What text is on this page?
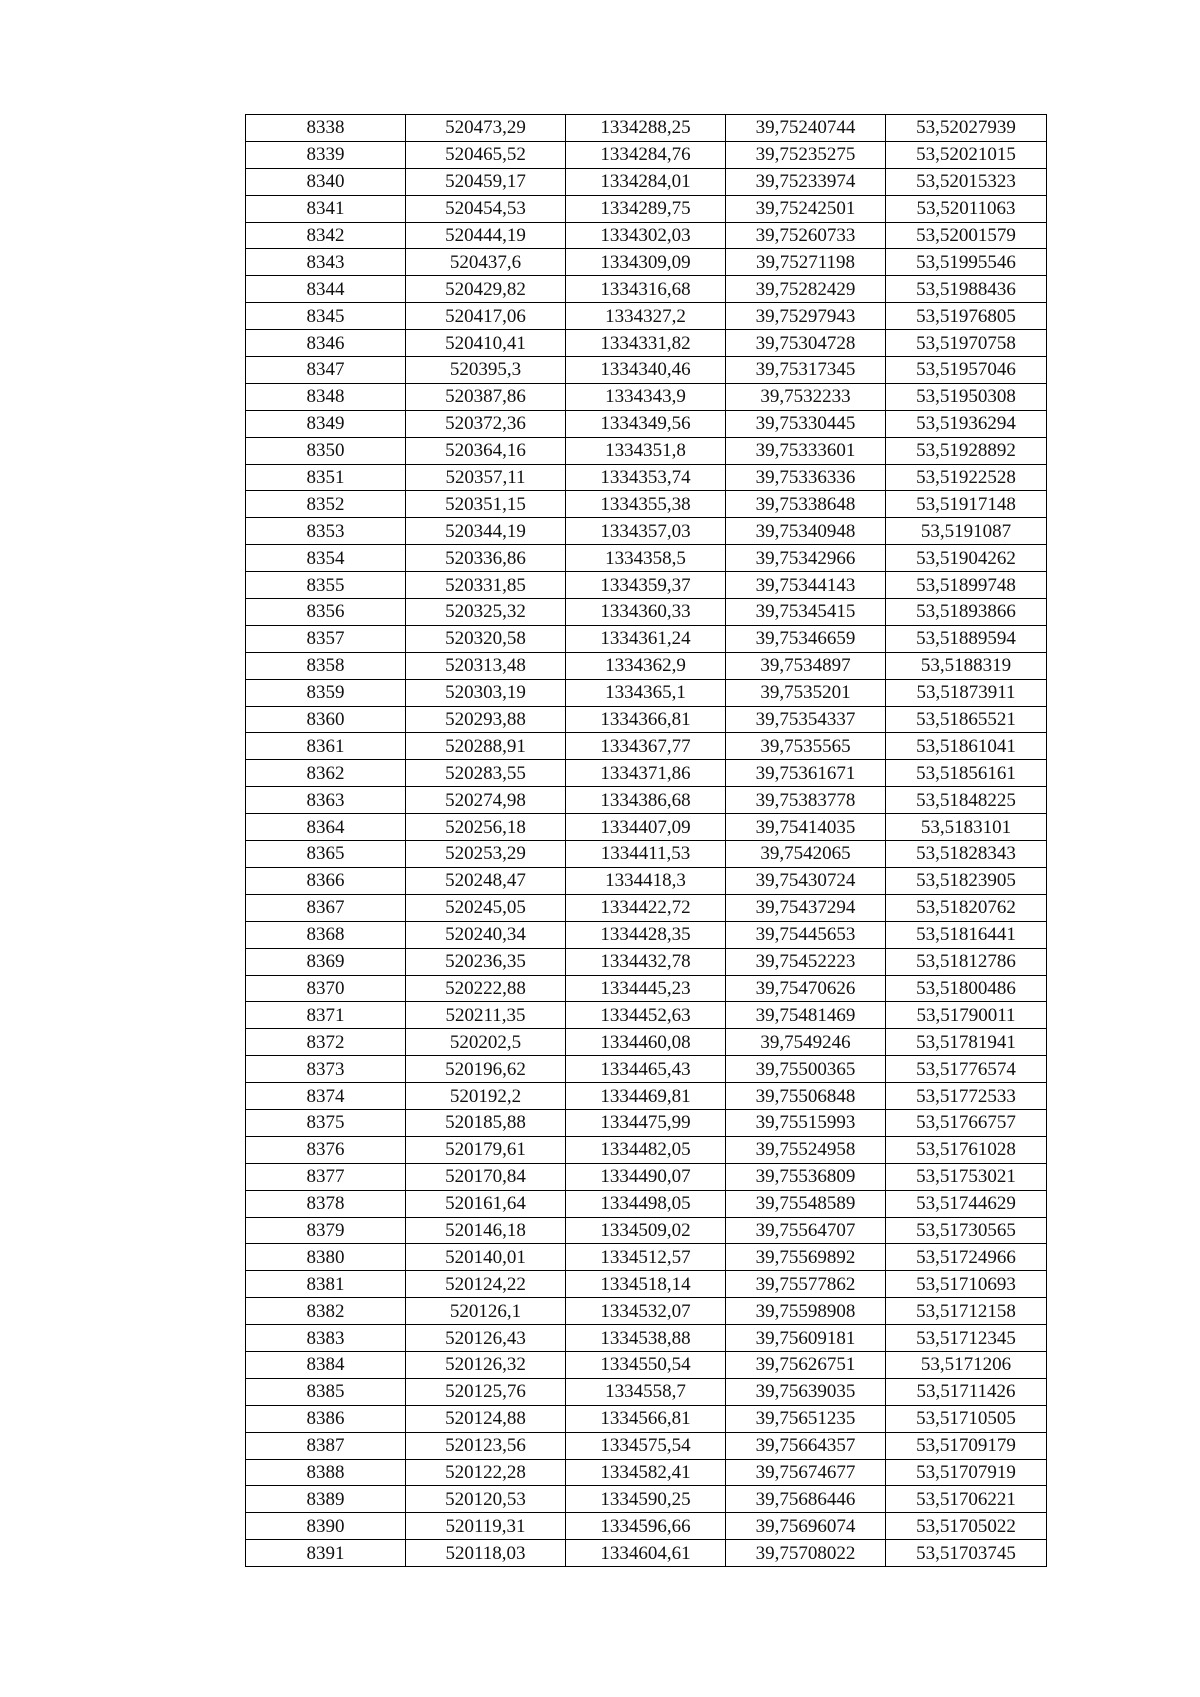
8338	520473,29	1334288,25	39,75240744	53,52027939
8339	520465,52	1334284,76	39,75235275	53,52021015
8340	520459,17	1334284,01	39,75233974	53,52015323
8341	520454,53	1334289,75	39,75242501	53,52011063
8342	520444,19	1334302,03	39,75260733	53,52001579
8343	520437,6	1334309,09	39,75271198	53,51995546
8344	520429,82	1334316,68	39,75282429	53,51988436
8345	520417,06	1334327,2	39,75297943	53,51976805
8346	520410,41	1334331,82	39,75304728	53,51970758
8347	520395,3	1334340,46	39,75317345	53,51957046
8348	520387,86	1334343,9	39,7532233	53,51950308
8349	520372,36	1334349,56	39,75330445	53,51936294
8350	520364,16	1334351,8	39,75333601	53,51928892
8351	520357,11	1334353,74	39,75336336	53,51922528
8352	520351,15	1334355,38	39,75338648	53,51917148
8353	520344,19	1334357,03	39,75340948	53,5191087
8354	520336,86	1334358,5	39,75342966	53,51904262
8355	520331,85	1334359,37	39,75344143	53,51899748
8356	520325,32	1334360,33	39,75345415	53,51893866
8357	520320,58	1334361,24	39,75346659	53,51889594
8358	520313,48	1334362,9	39,7534897	53,5188319
8359	520303,19	1334365,1	39,7535201	53,51873911
8360	520293,88	1334366,81	39,75354337	53,51865521
8361	520288,91	1334367,77	39,7535565	53,51861041
8362	520283,55	1334371,86	39,75361671	53,51856161
8363	520274,98	1334386,68	39,75383778	53,51848225
8364	520256,18	1334407,09	39,75414035	53,5183101
8365	520253,29	1334411,53	39,7542065	53,51828343
8366	520248,47	1334418,3	39,75430724	53,51823905
8367	520245,05	1334422,72	39,75437294	53,51820762
8368	520240,34	1334428,35	39,75445653	53,51816441
8369	520236,35	1334432,78	39,75452223	53,51812786
8370	520222,88	1334445,23	39,75470626	53,51800486
8371	520211,35	1334452,63	39,75481469	53,51790011
8372	520202,5	1334460,08	39,7549246	53,51781941
8373	520196,62	1334465,43	39,75500365	53,51776574
8374	520192,2	1334469,81	39,75506848	53,51772533
8375	520185,88	1334475,99	39,75515993	53,51766757
8376	520179,61	1334482,05	39,75524958	53,51761028
8377	520170,84	1334490,07	39,75536809	53,51753021
8378	520161,64	1334498,05	39,75548589	53,51744629
8379	520146,18	1334509,02	39,75564707	53,51730565
8380	520140,01	1334512,57	39,75569892	53,51724966
8381	520124,22	1334518,14	39,75577862	53,51710693
8382	520126,1	1334532,07	39,75598908	53,51712158
8383	520126,43	1334538,88	39,75609181	53,51712345
8384	520126,32	1334550,54	39,75626751	53,5171206
8385	520125,76	1334558,7	39,75639035	53,51711426
8386	520124,88	1334566,81	39,75651235	53,51710505
8387	520123,56	1334575,54	39,75664357	53,51709179
8388	520122,28	1334582,41	39,75674677	53,51707919
8389	520120,53	1334590,25	39,75686446	53,51706221
8390	520119,31	1334596,66	39,75696074	53,51705022
8391	520118,03	1334604,61	39,75708022	53,51703745
